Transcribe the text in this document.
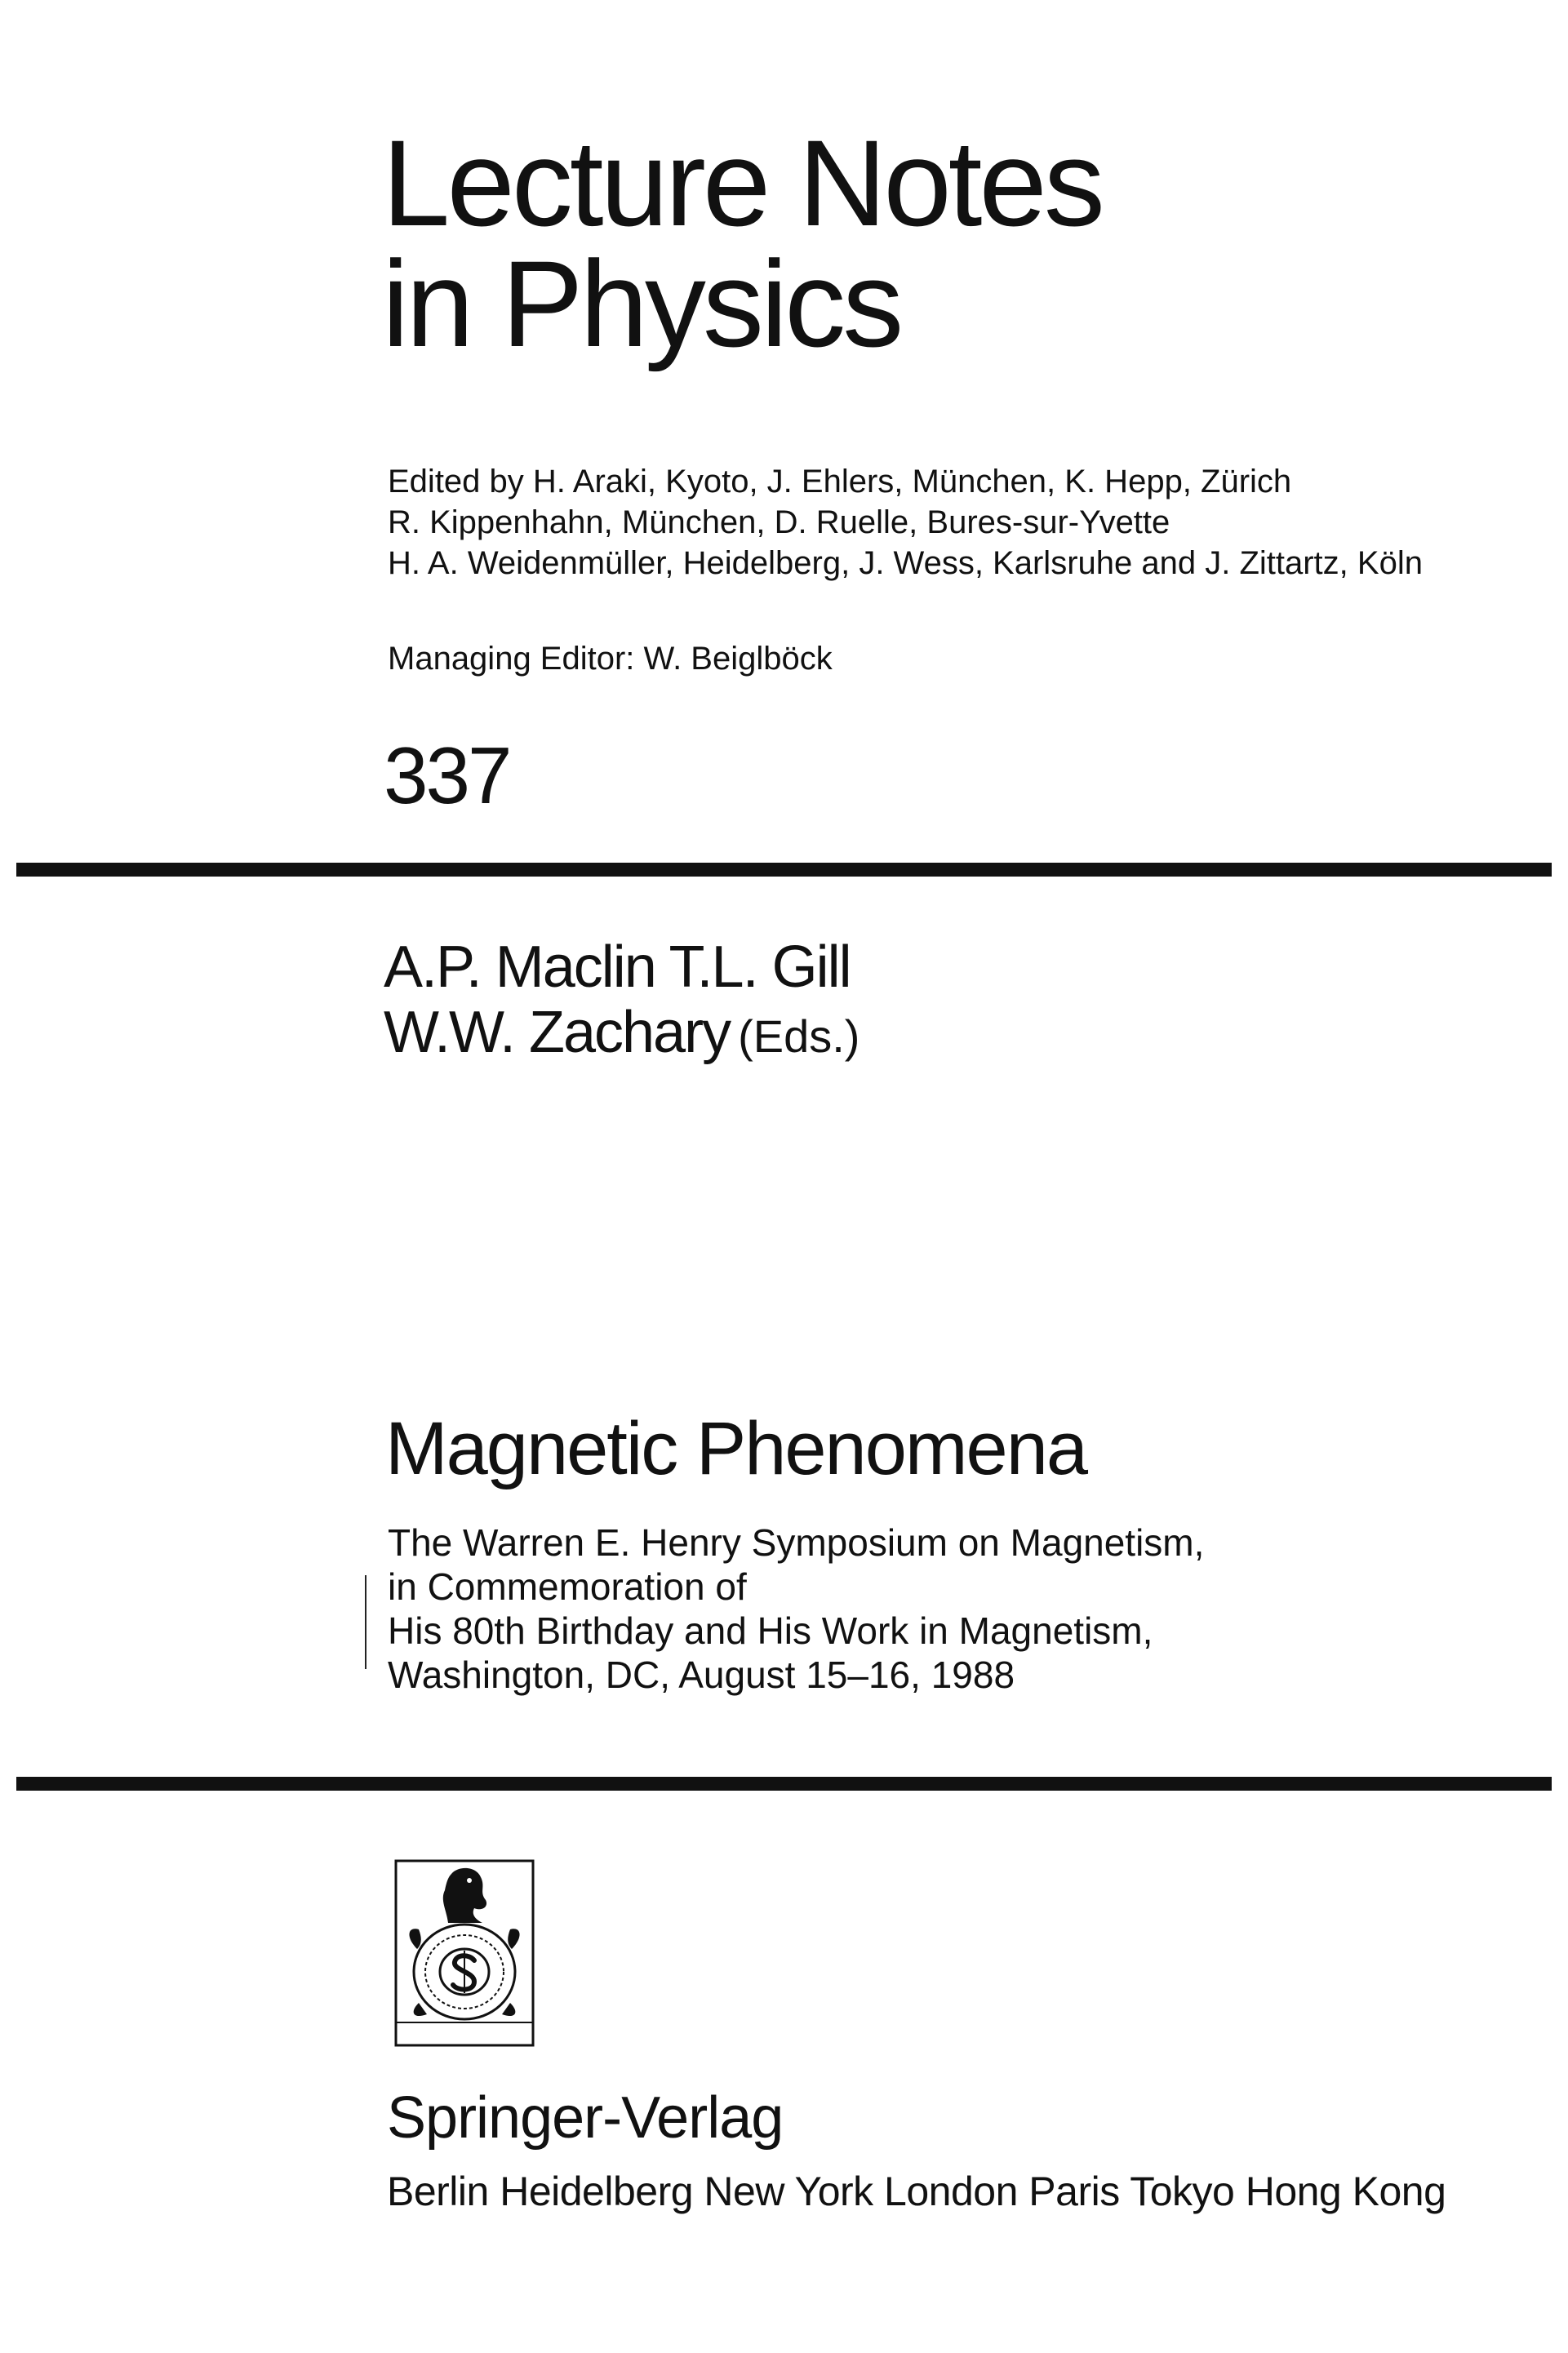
Lecture Notes
in Physics
Edited by H. Araki, Kyoto, J. Ehlers, München, K. Hepp, Zürich
R. Kippenhahn, München, D. Ruelle, Bures-sur-Yvette
H. A. Weidenmüller, Heidelberg, J. Wess, Karlsruhe and J. Zittartz, Köln
Managing Editor: W. Beiglböck
337
A.P. Maclin T.L. Gill
W.W. Zachary (Eds.)
Magnetic Phenomena
The Warren E. Henry Symposium on Magnetism,
in Commemoration of
His 80th Birthday and His Work in Magnetism,
Washington, DC, August 15–16, 1988
Springer-Verlag
Berlin Heidelberg New York London Paris Tokyo Hong Kong
